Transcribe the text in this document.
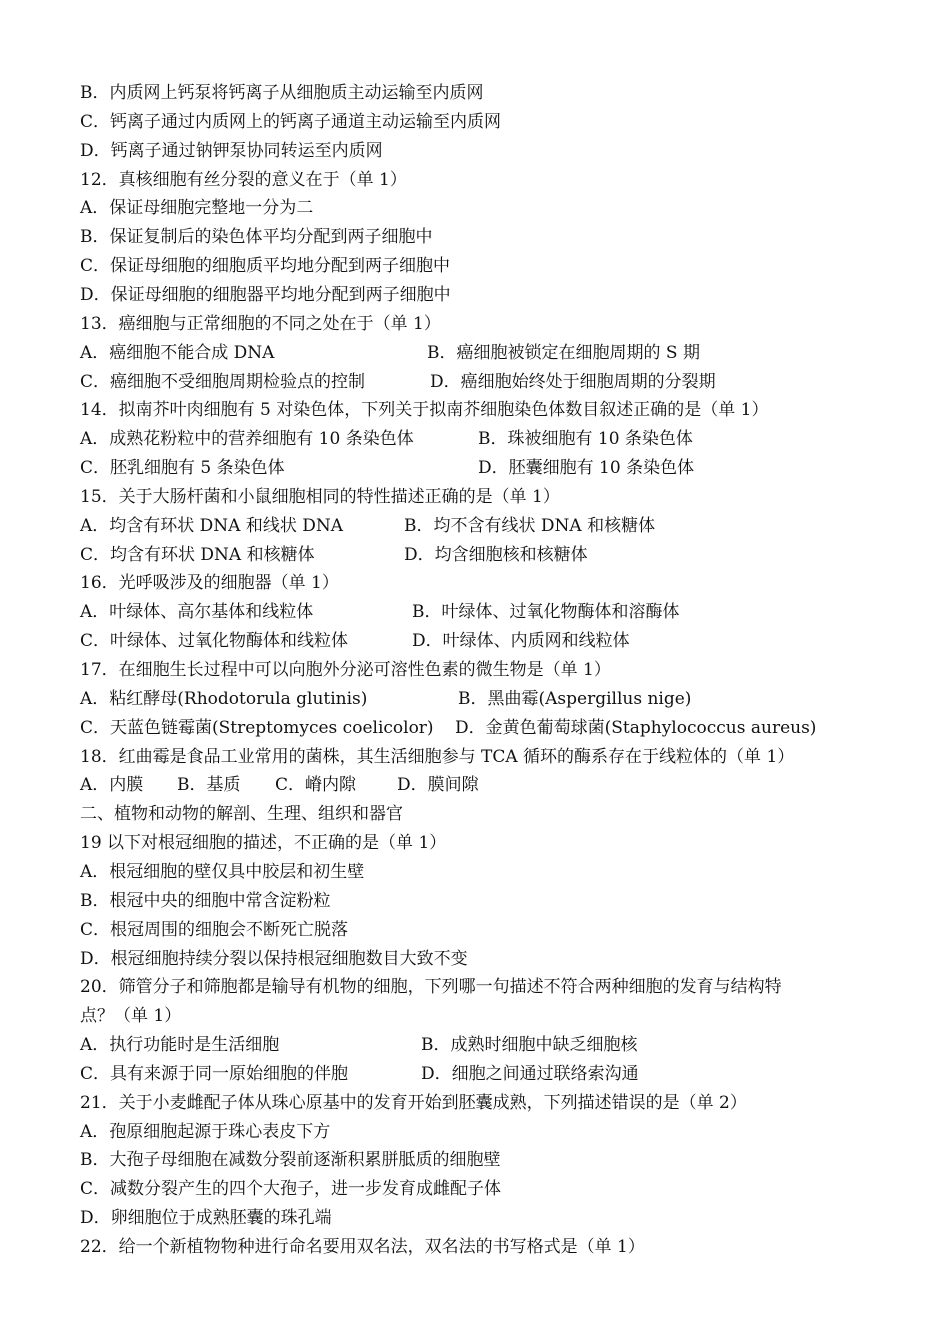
B．内质网上钙泵将钙离子从细胞质主动运输至内质网
C．钙离子通过内质网上的钙离子通道主动运输至内质网
D．钙离子通过钠钾泵协同转运至内质网
12．真核细胞有丝分裂的意义在于（单 1）
A．保证母细胞完整地一分为二
B．保证复制后的染色体平均分配到两子细胞中
C．保证母细胞的细胞质平均地分配到两子细胞中
D．保证母细胞的细胞器平均地分配到两子细胞中
13．癌细胞与正常细胞的不同之处在于（单 1）
A．癌细胞不能合成 DNA	B．癌细胞被锁定在细胞周期的 S 期
C．癌细胞不受细胞周期检验点的控制	D．癌细胞始终处于细胞周期的分裂期
14．拟南芥叶肉细胞有 5 对染色体，下列关于拟南芥细胞染色体数目叙述正确的是（单 1）
A．成熟花粉粒中的营养细胞有 10 条染色体	B．珠被细胞有 10 条染色体
C．胚乳细胞有 5 条染色体	D．胚囊细胞有 10 条染色体
15．关于大肠杆菌和小鼠细胞相同的特性描述正确的是（单 1）
A．均含有环状 DNA 和线状 DNA	B．均不含有线状 DNA 和核糖体
C．均含有环状 DNA 和核糖体	D．均含细胞核和核糖体
16．光呼吸涉及的细胞器（单 1）
A．叶绿体、高尔基体和线粒体	B．叶绿体、过氧化物酶体和溶酶体
C．叶绿体、过氧化物酶体和线粒体	D．叶绿体、内质网和线粒体
17．在细胞生长过程中可以向胞外分泌可溶性色素的微生物是（单 1）
A．粘红酵母(Rhodotorula glutinis)	B．黑曲霉(Aspergillus nige)
C．天蓝色链霉菌(Streptomyces coelicolor) D．金黄色葡萄球菌(Staphylococcus aureus)
18．红曲霉是食品工业常用的菌株，其生活细胞参与 TCA 循环的酶系存在于线粒体的（单 1）
A．内膜 B．基质 C．嵴内隙 D．膜间隙
二、植物和动物的解剖、生理、组织和器官
19 以下对根冠细胞的描述，不正确的是（单 1）
A．根冠细胞的壁仅具中胶层和初生壁
B．根冠中央的细胞中常含淀粉粒
C．根冠周围的细胞会不断死亡脱落
D．根冠细胞持续分裂以保持根冠细胞数目大致不变
20．筛管分子和筛胞都是输导有机物的细胞，下列哪一句描述不符合两种细胞的发育与结构特
点？（单 1）
A．执行功能时是生活细胞	B．成熟时细胞中缺乏细胞核
C．具有来源于同一原始细胞的伴胞	D．细胞之间通过联络索沟通
21．关于小麦雌配子体从珠心原基中的发育开始到胚囊成熟，下列描述错误的是（单 2）
A．孢原细胞起源于珠心表皮下方
B．大孢子母细胞在减数分裂前逐渐积累胼胝质的细胞壁
C．减数分裂产生的四个大孢子，进一步发育成雌配子体
D．卵细胞位于成熟胚囊的珠孔端
22．给一个新植物物种进行命名要用双名法，双名法的书写格式是（单 1）
